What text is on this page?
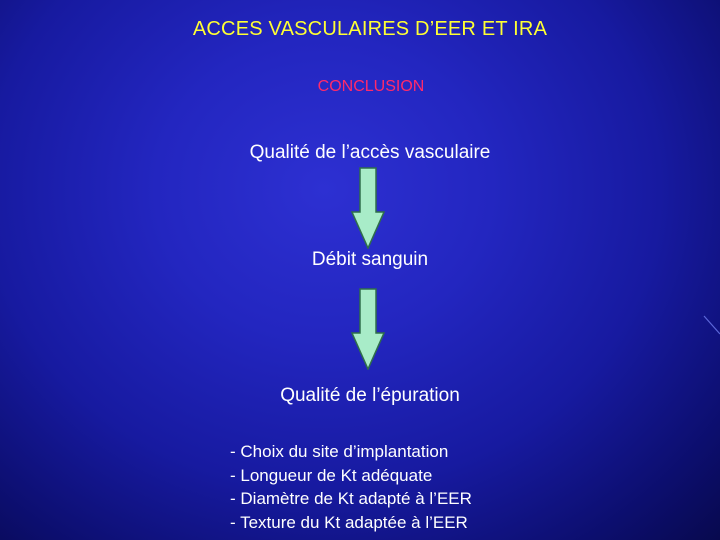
ACCES VASCULAIRES D’EER ET IRA
CONCLUSION
Qualité de l’accès vasculaire
Débit sanguin
Qualité de l’épuration
- Choix du site d’implantation
- Longueur de Kt adéquate
- Diamètre de Kt adapté à l’EER
- Texture du Kt adaptée à l’EER
